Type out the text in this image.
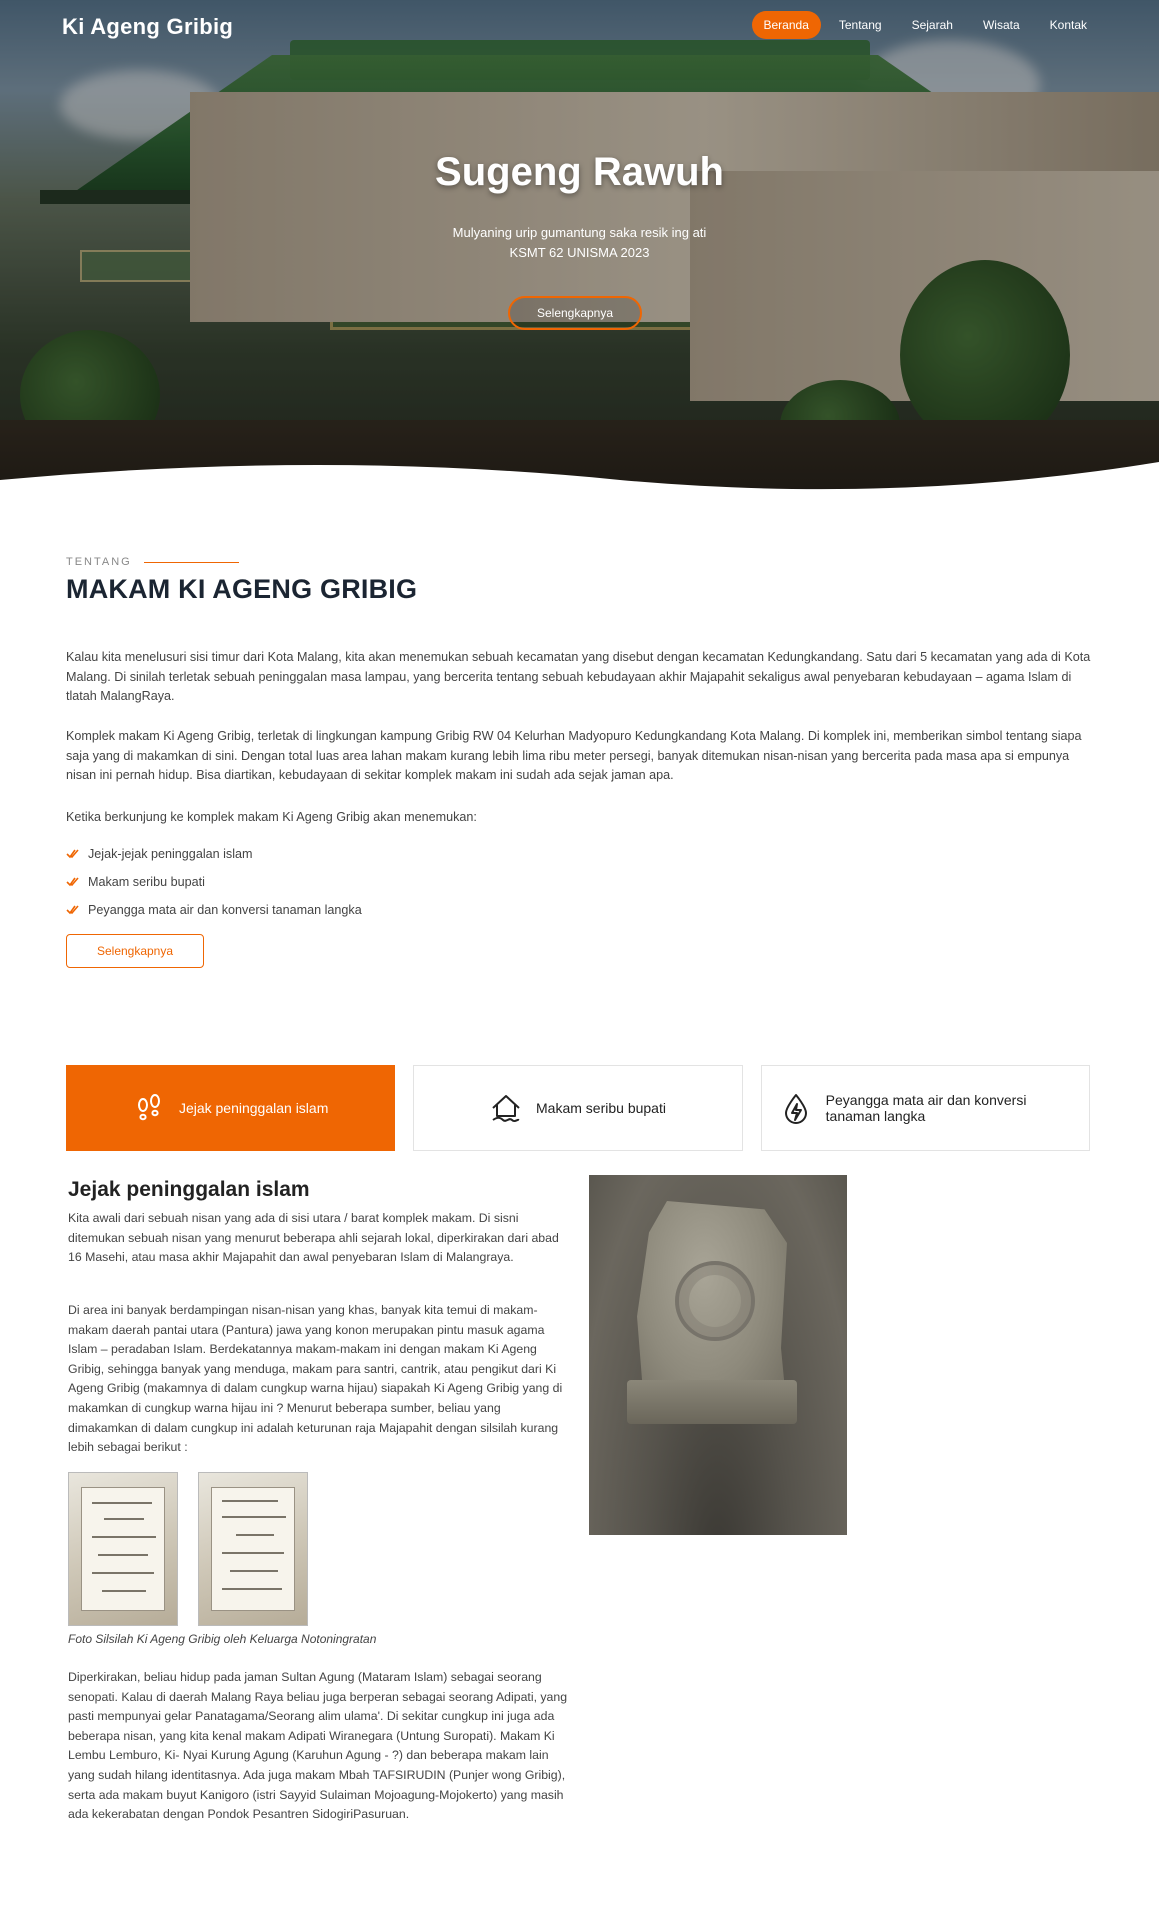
Ki Ageng Gribig	Beranda	Tentang	Sejarah	Wisata	Kontak
Sugeng Rawuh

Mulyaning urip gumantung saka resik ing ati

KSMT 62 UNISMA 2023

Selengkapnya
TENTANG
MAKAM KI AGENG GRIBIG

Kalau kita menelusuri sisi timur dari Kota Malang, kita akan menemukan sebuah kecamatan yang disebut dengan kecamatan Kedungkandang. Satu dari 5 kecamatan yang ada di Kota Malang. Di sinilah terletak sebuah peninggalan masa lampau, yang bercerita tentang sebuah kebudayaan akhir Majapahit sekaligus awal penyebaran kebudayaan – agama Islam di tlatah MalangRaya.

Komplek makam Ki Ageng Gribig, terletak di lingkungan kampung Gribig RW 04 Kelurhan Madyopuro Kedungkandang Kota Malang. Di komplek ini, memberikan simbol tentang siapa saja yang di makamkan di sini. Dengan total luas area lahan makam kurang lebih lima ribu meter persegi, banyak ditemukan nisan-nisan yang bercerita pada masa apa si empunya nisan ini pernah hidup. Bisa diartikan, kebudayaan di sekitar komplek makam ini sudah ada sejak jaman apa.

Ketika berkunjung ke komplek makam Ki Ageng Gribig akan menemukan:

Jejak-jejak peninggalan islam
Makam seribu bupati
Peyangga mata air dan konversi tanaman langka
Selengkapnya
Jejak peninggalan islam	Makam seribu bupati	Peyangga mata air dan konversi tanaman langka
Jejak peninggalan islam

Kita awali dari sebuah nisan yang ada di sisi utara / barat komplek makam. Di sisni ditemukan sebuah nisan yang menurut beberapa ahli sejarah lokal, diperkirakan dari abad 16 Masehi, atau masa akhir Majapahit dan awal penyebaran Islam di Malangraya.

Di area ini banyak berdampingan nisan-nisan yang khas, banyak kita temui di makam-makam daerah pantai utara (Pantura) jawa yang konon merupakan pintu masuk agama Islam – peradaban Islam. Berdekatannya makam-makam ini dengan makam Ki Ageng Gribig, sehingga banyak yang menduga, makam para santri, cantrik, atau pengikut dari Ki Ageng Gribig (makamnya di dalam cungkup warna hijau) siapakah Ki Ageng Gribig yang di makamkan di cungkup warna hijau ini ? Menurut beberapa sumber, beliau yang dimakamkan di dalam cungkup ini adalah keturunan raja Majapahit dengan silsilah kurang lebih sebagai berikut :

Foto Silsilah Ki Ageng Gribig oleh Keluarga Notoningratan

Diperkirakan, beliau hidup pada jaman Sultan Agung (Mataram Islam) sebagai seorang senopati. Kalau di daerah Malang Raya beliau juga berperan sebagai seorang Adipati, yang pasti mempunyai gelar Panatagama/Seorang alim ulama'. Di sekitar cungkup ini juga ada beberapa nisan, yang kita kenal makam Adipati Wiranegara (Untung Suropati). Makam Ki Lembu Lemburo, Ki- Nyai Kurung Agung (Karuhun Agung - ?) dan beberapa makam lain yang sudah hilang identitasnya. Ada juga makam Mbah TAFSIRUDIN (Punjer wong Gribig), serta ada makam buyut Kanigoro (istri Sayyid Sulaiman Mojoagung-Mojokerto) yang masih ada kekerabatan dengan Pondok Pesantren SidogiriPasuruan.
